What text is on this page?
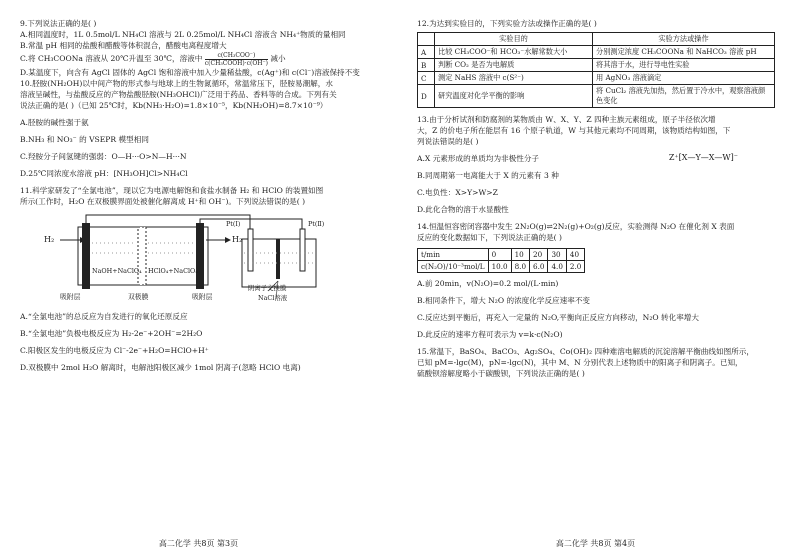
9.下列说法正确的是( )

A.相同温度时，1L 0.5mol/L NH₄Cl 溶液与 2L 0.25mol/L NH₄Cl 溶液含 NH₄⁺物质的量相同

B.常温 pH 相同的盐酸和醋酸等体积混合，醋酸电离程度增大

C.将 CH₃COONa 溶液从 20℃升温至 30℃，溶液中 $\frac{\text{c(CH₃COO⁻)}}{\text{c(CH₃COOH)·c(OH⁻)}}$ 减小

D.某温度下，向含有 AgCl 固体的 AgCl 饱和溶液中加入少量稀盐酸，c(Ag⁺)和 c(Cl⁻)溶液保持不变

10.胫胺(NH₂OH)以中间产物的形式参与地球上的生物氮循环，常温常压下，胫胺易潮解，水

溶液呈碱性，与盐酸反应的产物盐酸胫胺(NH₃OHCl)广泛用于药品、香料等的合成。下列有关

说法正确的是( )（已知 25℃时，Kb(NH₃·H₂O)=1.8×10⁻⁵，Kb(NH₂OH)=8.7×10⁻⁹）

A.胫胺的碱性强于氨

B.NH₃ 和 NO₃⁻ 的 VSEPR 模型相同

C.羟胺分子间氢键的强弱：O—H···O>N—H···N

D.25℃同浓度水溶液 pH：[NH₃OH]Cl>NH₄Cl

11.科学家研发了“全氯电池”，现以它为电源电解饱和食盐水制备 H₂ 和 HClO 的装置如图

所示(工作时，H₂O 在双极膜界面处被催化解离成 H⁺和 OH⁻)。下列说法错误的是( )

H₂	H₂
NaOH+NaClO₄ HClO₄+NaClO₄
吸附层	双极膜	吸附层
Pt(Ⅰ)	Pt(Ⅱ)
阴离子交换膜
NaCl溶液

A.“全氯电池”的总反应为自发进行的氧化还原反应

B.“全氯电池”负极电极反应为 H₂-2e⁻+2OH⁻=2H₂O

C.阳极区发生的电极反应为 Cl⁻-2e⁻+H₂O=HClO+H⁺

D.双极膜中 2mol H₂O 解离时，电解池阳极区减少 1mol 阴离子(忽略 HClO 电离)

高二化学 共8页 第3页

12.为达到实验目的，下列实验方法或操作正确的是( )

	实验目的	实验方法或操作
A	比较 CH₃COO⁻和 HCO₃⁻水解常数大小	分别测定浓度 CH₃COONa 和 NaHCO₃ 溶液 pH
B	判断 CO₂ 是否为电解质	将其溶于水，进行导电性实验
C	测定 NaHS 溶液中 c(S²⁻)	用 AgNO₃ 溶液滴定
D	研究温度对化学平衡的影响	将 CuCl₂ 溶液先加热，然后置于冷水中，观察溶液颜色变化

13.由于分析试剂和防腐剂的某物质由 W、X、Y、Z 四种主族元素组成，原子半径依次增

大，Z 的价电子所在能层有 16 个原子轨道，W 与其他元素均不同周期，该物质结构如图，下

列说法错误的是( )

Z⁺[X—Y—X—W]⁻

A.X 元素形成的单质均为非极性分子

B.同周期第一电离能大于 X 的元素有 3 种

C.电负性：X>Y>W>Z

D.此化合物的溶于水显酸性

14.恒温恒容密闭容器中发生 2N₂O(g)⇌2N₂(g)+O₂(g)反应，实验测得 N₂O 在催化剂 X 表面

反应的变化数据如下，下列说法正确的是( )

t/min	0	10	20	30	40
c(N₂O)/10⁻³mol/L	10.0	8.0	6.0	4.0	2.0

A.前 20min，v(N₂O)=0.2 mol/(L·min)

B.相同条件下，增大 N₂O 的浓度化学反应速率不变

C.反应达到平衡后，再充入一定量的 N₂O,平衡向正反应方向移动，N₂O 转化率增大

D.此反应的速率方程可表示为 v=k·c(N₂O)

15.常温下，BaSO₄、BaCO₃、Ag₂SO₄、Co(OH)₂ 四种难溶电解质的沉淀溶解平衡曲线如图所示，

已知 pM=-lgc(M)，pN=-lgc(N)，其中 M、N 分别代表上述物质中的阳离子和阴离子。已知，

硫酸钡溶解度略小于碳酸钡，下列说法正确的是( )

高二化学 共8页 第4页
